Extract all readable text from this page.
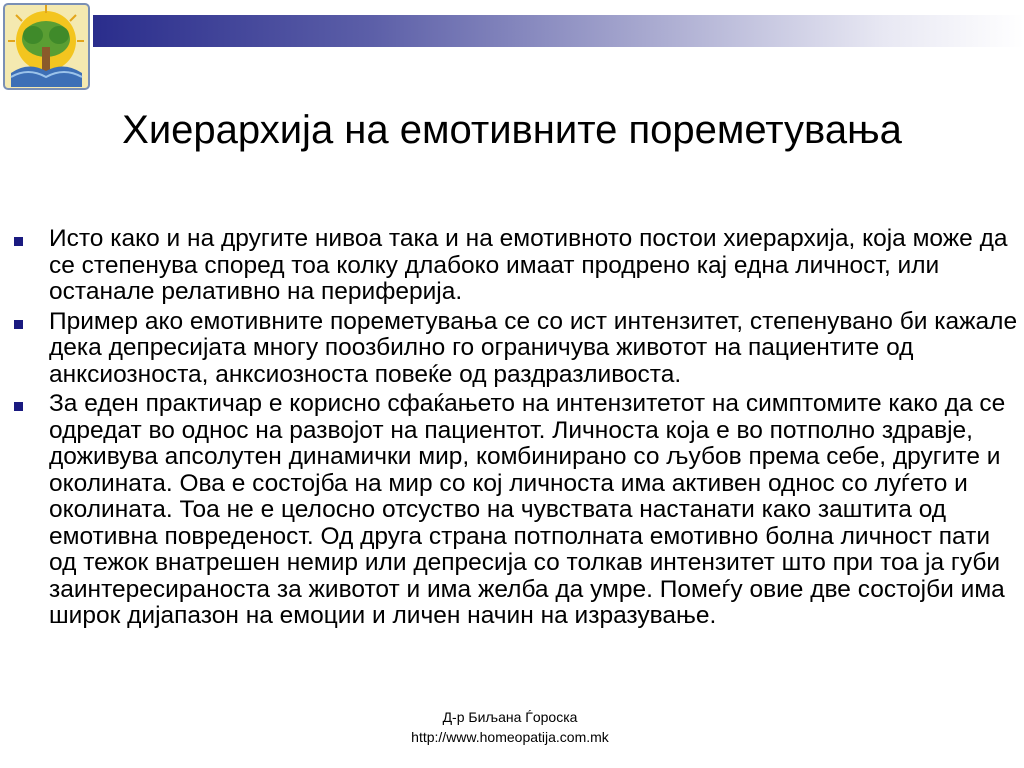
Хиерархија на емотивните пореметувања
Исто како и на другите нивоа така и на емотивното постои хиерархија, која може да се степенува според тоа колку длабоко имаат продрено кај една личност, или останале релативно на периферија.
Пример ако емотивните пореметувања се со ист интензитет, степенувано би кажале дека депресијата многу поозбилно го ограничува животот на пациентите од анксиозноста, анксиозноста повеќе од раздразливоста.
За еден практичар е корисно сфаќањето на интензитетот на симптомите како да се одредат во однос на развојот на пациентот. Личноста која е во потполно здравје, доживува апсолутен динамички мир, комбинирано со љубов према себе, другите и околината. Ова е состојба на мир со кој личноста има активен однос со луѓето и околината. Тоа не е целосно отсуство на чувствата настанати како заштита од емотивна повреденост. Од друга страна потполната емотивно болна личност пати од тежок внатрешен немир или депресија со толкав интензитет што при тоа ја губи заинтересираноста за животот и има желба да умре. Помеѓу овие две состојби има широк дијапазон на емоции и личен начин на изразување.
Д-р Биљана Ѓороска
http://www.homeopatija.com.mk
